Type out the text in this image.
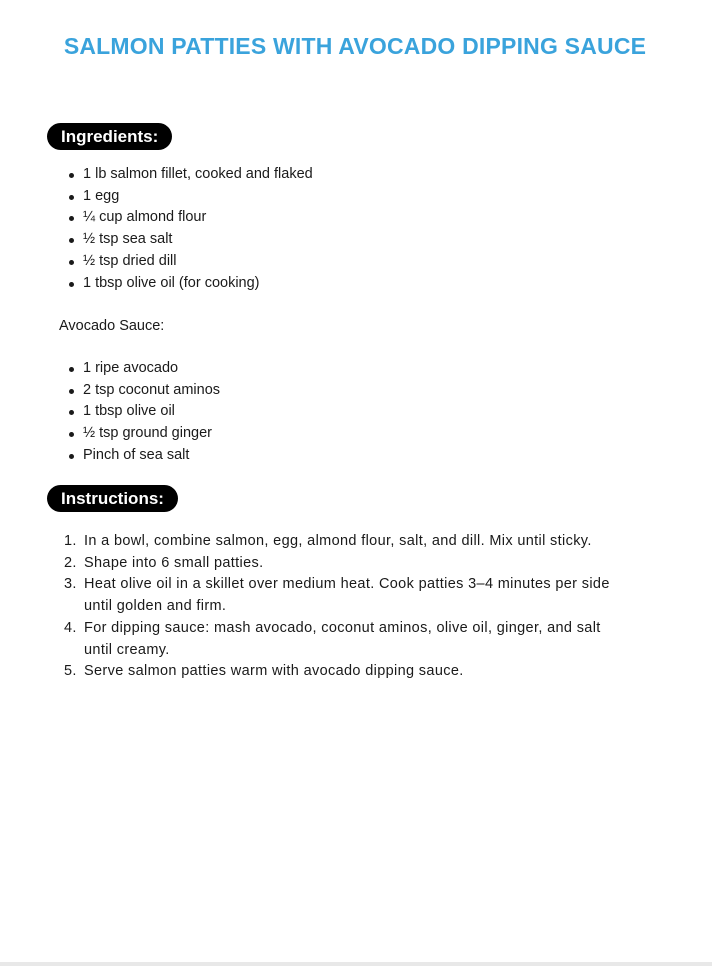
SALMON PATTIES WITH AVOCADO DIPPING SAUCE
Ingredients:
1 lb salmon fillet, cooked and flaked
1 egg
¼ cup almond flour
½ tsp sea salt
½ tsp dried dill
1 tbsp olive oil (for cooking)
Avocado Sauce:
1 ripe avocado
2 tsp coconut aminos
1 tbsp olive oil
½ tsp ground ginger
Pinch of sea salt
Instructions:
1. In a bowl, combine salmon, egg, almond flour, salt, and dill. Mix until sticky.
2. Shape into 6 small patties.
3. Heat olive oil in a skillet over medium heat. Cook patties 3–4 minutes per side until golden and firm.
4. For dipping sauce: mash avocado, coconut aminos, olive oil, ginger, and salt until creamy.
5. Serve salmon patties warm with avocado dipping sauce.
